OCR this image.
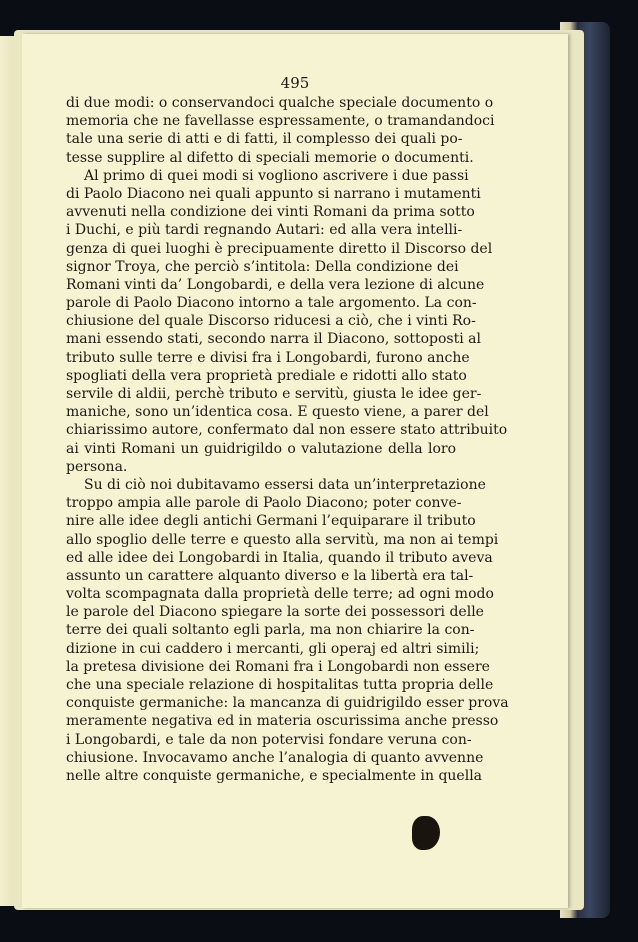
495
di due modi: o conservandoci qualche speciale documento o
memoria che ne favellasse espressamente, o tramandandoci
tale una serie di atti e di fatti, il complesso dei quali po-
tesse supplire al difetto di speciali memorie o documenti.
Al primo di quei modi si vogliono ascrivere i due passi
di Paolo Diacono nei quali appunto si narrano i mutamenti
avvenuti nella condizione dei vinti Romani da prima sotto
i Duchi, e più tardi regnando Autari: ed alla vera intelli-
genza di quei luoghi è precipuamente diretto il Discorso del
signor Troya, che perciò s’intitola: Della condizione dei
Romani vinti da’ Longobardi, e della vera lezione di alcune
parole di Paolo Diacono intorno a tale argomento. La con-
chiusione del quale Discorso riducesi a ciò, che i vinti Ro-
mani essendo stati, secondo narra il Diacono, sottoposti al
tributo sulle terre e divisi fra i Longobardi, furono anche
spogliati della vera proprietà prediale e ridotti allo stato
servile di aldii, perchè tributo e servitù, giusta le idee ger-
maniche, sono un’identica cosa. E questo viene, a parer del
chiarissimo autore, confermato dal non essere stato attribuito
ai vinti Romani un guidrigildo o valutazione della loro
persona.
Su di ciò noi dubitavamo essersi data un’interpretazione
troppo ampia alle parole di Paolo Diacono; poter conve-
nire alle idee degli antichi Germani l’equiparare il tributo
allo spoglio delle terre e questo alla servitù, ma non ai tempi
ed alle idee dei Longobardi in Italia, quando il tributo aveva
assunto un carattere alquanto diverso e la libertà era tal-
volta scompagnata dalla proprietà delle terre; ad ogni modo
le parole del Diacono spiegare la sorte dei possessori delle
terre dei quali soltanto egli parla, ma non chiarire la con-
dizione in cui caddero i mercanti, gli operaj ed altri simili;
la pretesa divisione dei Romani fra i Longobardi non essere
che una speciale relazione di hospitalitas tutta propria delle
conquiste germaniche: la mancanza di guidrigildo esser prova
meramente negativa ed in materia oscurissima anche presso
i Longobardi, e tale da non potervisi fondare veruna con-
chiusione. Invocavamo anche l’analogia di quanto avvenne
nelle altre conquiste germaniche, e specialmente in quella
